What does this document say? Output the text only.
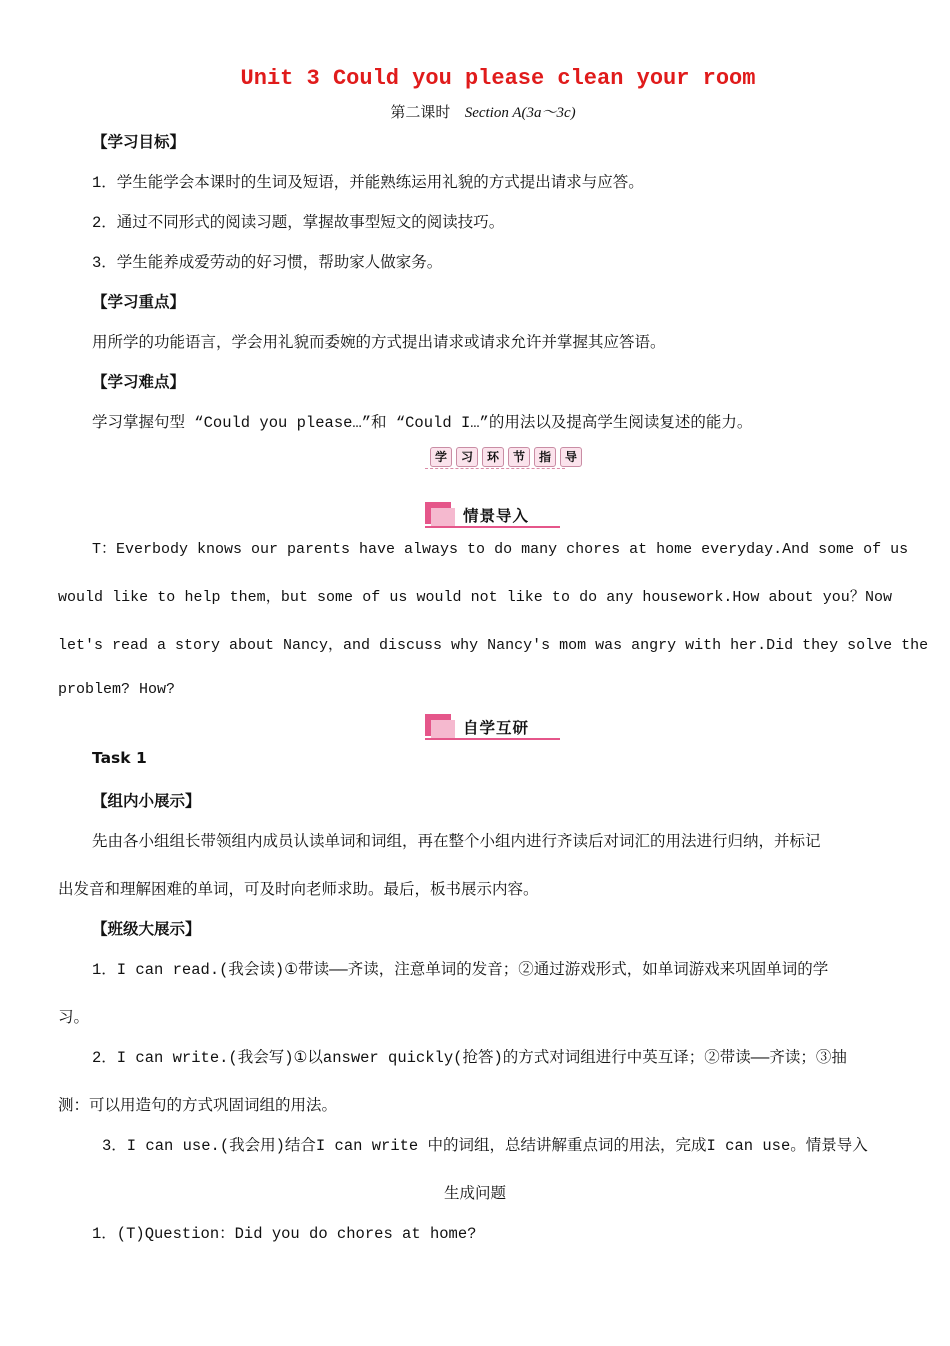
Unit 3 Could you please clean your room
第二课时 Section A(3a～3c)
【学习目标】
1．学生能学会本课时的生词及短语，并能熟练运用礼貌的方式提出请求与应答。
2．通过不同形式的阅读习题，掌握故事型短文的阅读技巧。
3．学生能养成爱劳动的好习惯，帮助家人做家务。
【学习重点】
用所学的功能语言，学会用礼貌而委婉的方式提出请求或请求允许并掌握其应答语。
【学习难点】
学习掌握句型 “Could you please…”和 “Could I…”的用法以及提高学生阅读复述的能力。
学	习	环	节	指	导
情景导入
T：Everbody knows our parents have always to do many chores at home everyday.And some of us
would like to help them，but some of us would not like to do any housework.How about you？Now
let's read a story about Nancy，and discuss why Nancy's mom was angry with her.Did they solve the
problem? How?
自学互研
Task 1
【组内小展示】
先由各小组组长带领组内成员认读单词和词组，再在整个小组内进行齐读后对词汇的用法进行归纳，并标记
出发音和理解困难的单词，可及时向老师求助。最后，板书展示内容。
【班级大展示】
1．I can read.(我会读)①带读——齐读，注意单词的发音；②通过游戏形式，如单词游戏来巩固单词的学
习。
2．I can write.(我会写)①以answer quickly(抢答)的方式对词组进行中英互译；②带读——齐读；③抽
测：可以用造句的方式巩固词组的用法。
3．I can use.(我会用)结合I can write 中的词组，总结讲解重点词的用法，完成I can use。情景导入
生成问题
1．(T)Question：Did you do chores at home?
